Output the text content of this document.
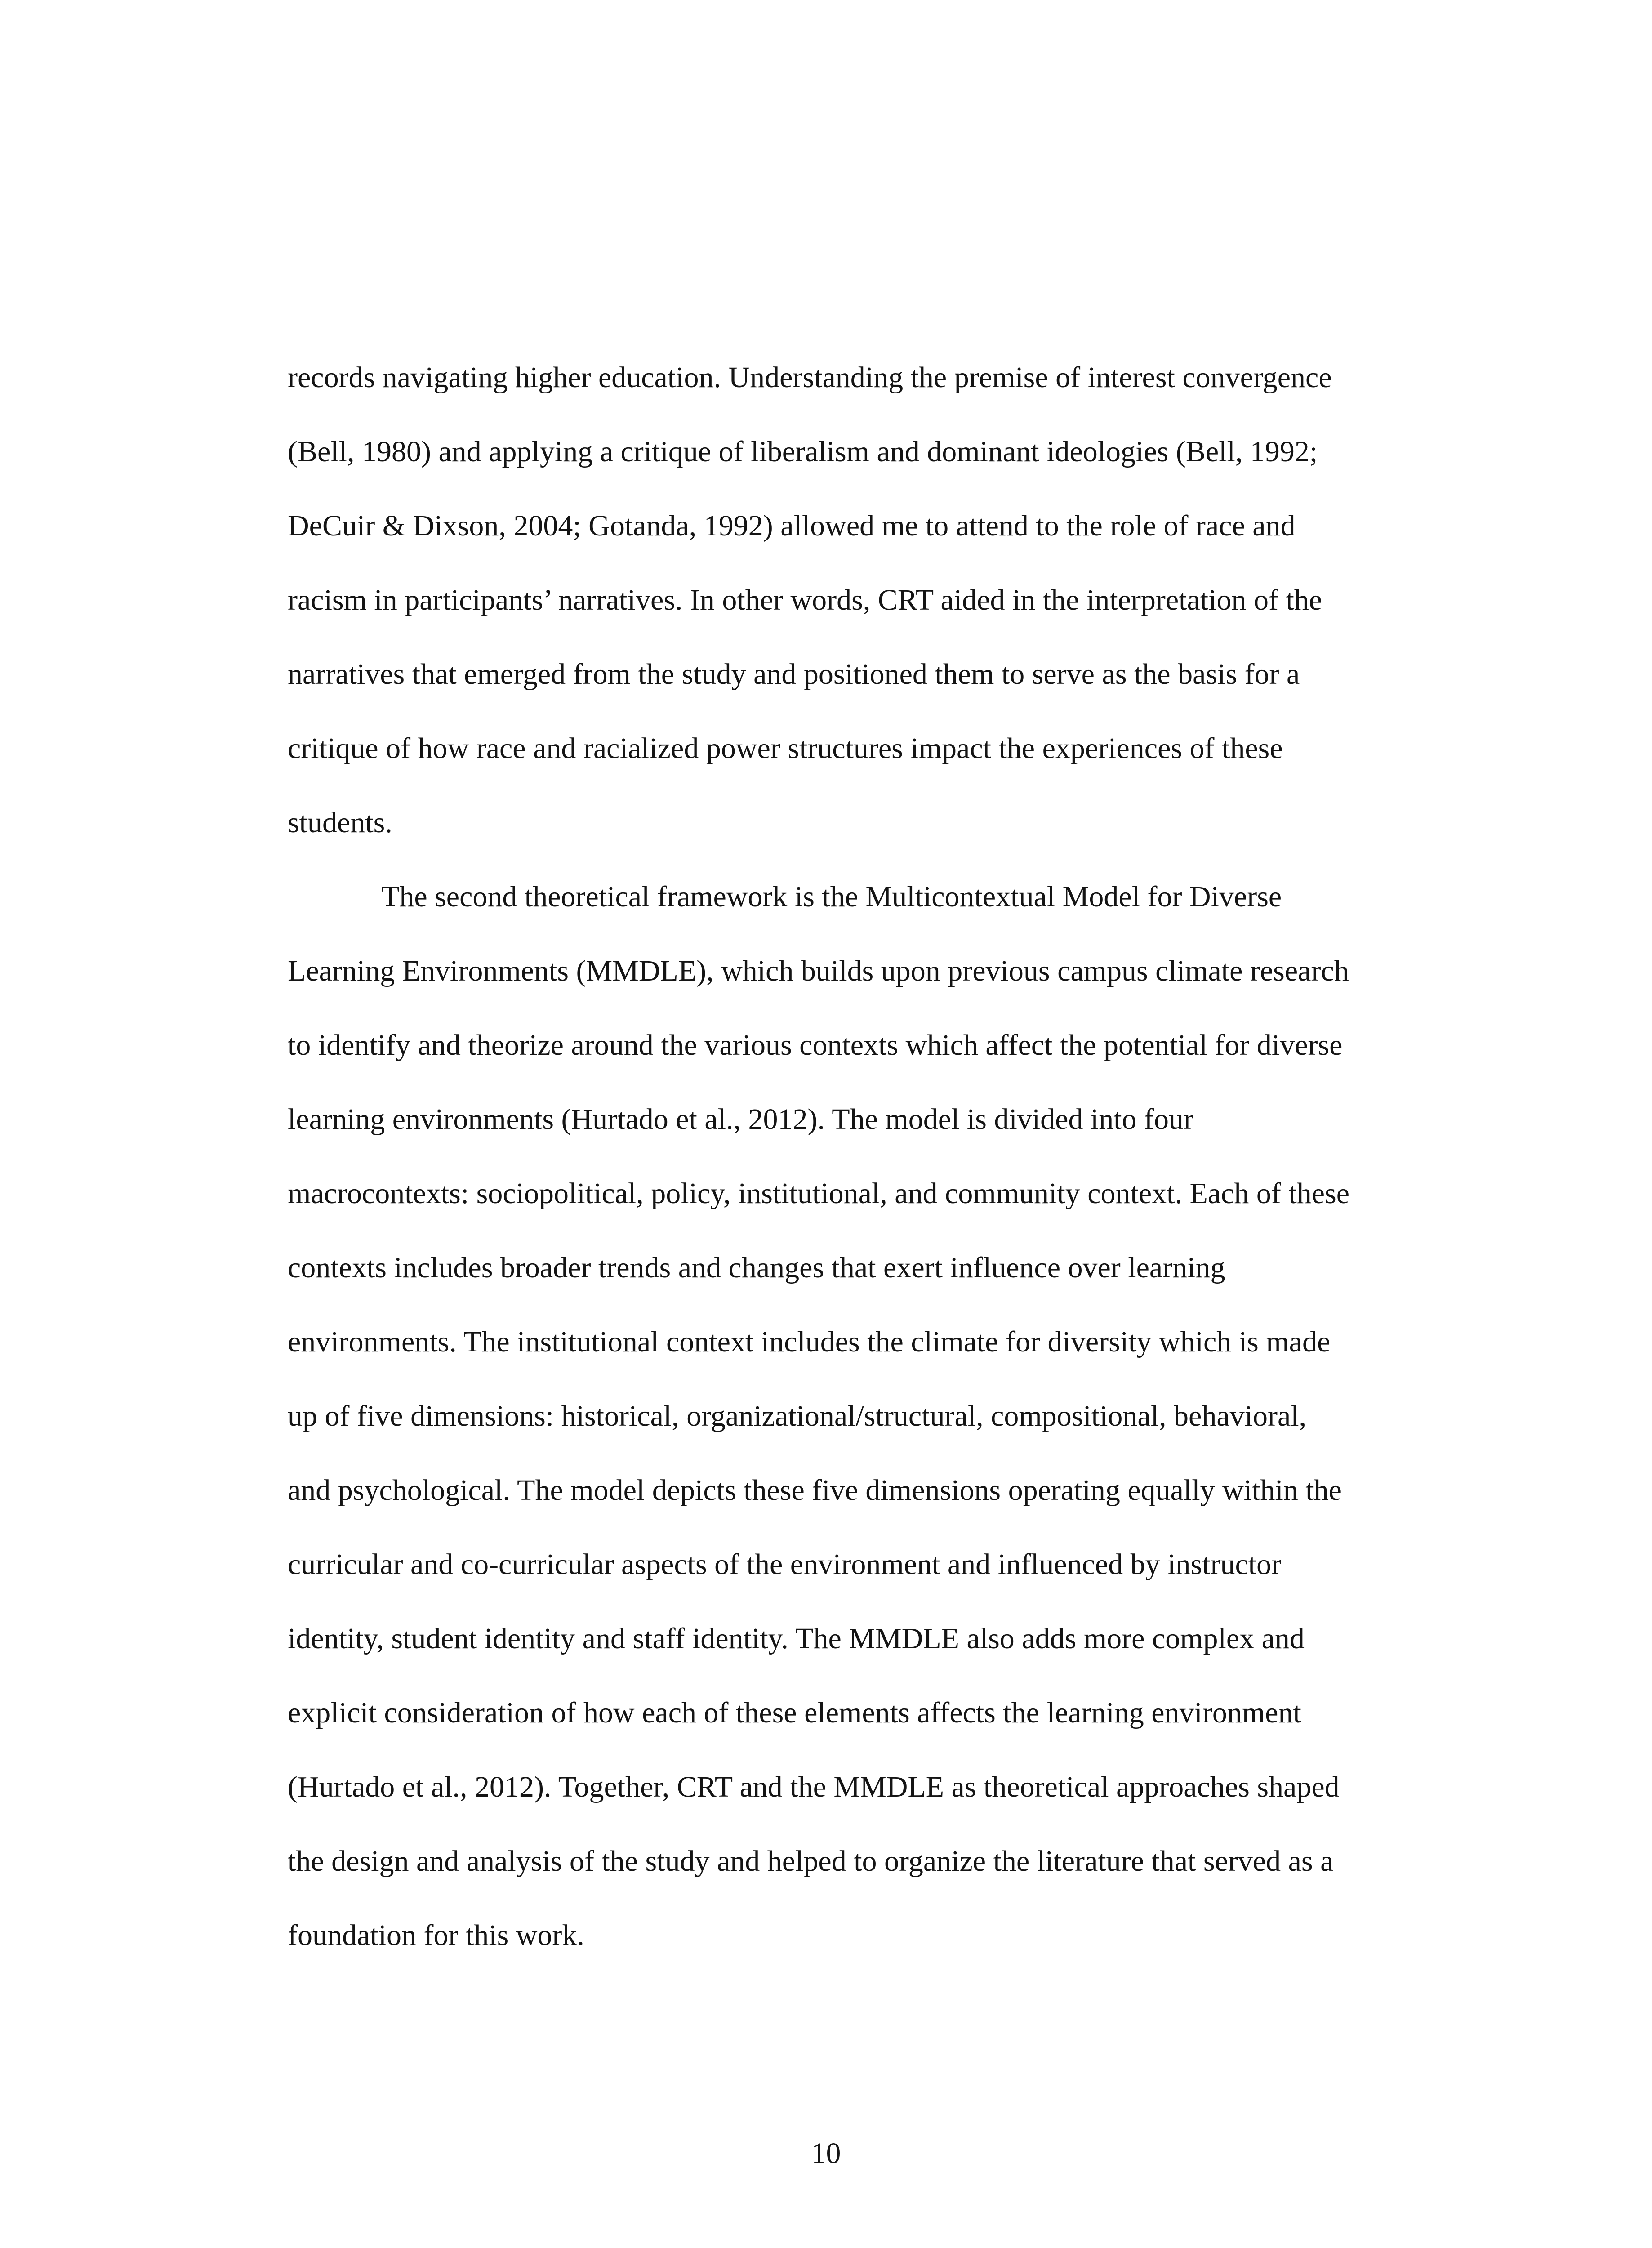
records navigating higher education. Understanding the premise of interest convergence
(Bell, 1980) and applying a critique of liberalism and dominant ideologies (Bell, 1992;
DeCuir & Dixson, 2004; Gotanda, 1992) allowed me to attend to the role of race and
racism in participants’ narratives. In other words, CRT aided in the interpretation of the
narratives that emerged from the study and positioned them to serve as the basis for a
critique of how race and racialized power structures impact the experiences of these
students.
The second theoretical framework is the Multicontextual Model for Diverse
Learning Environments (MMDLE), which builds upon previous campus climate research
to identify and theorize around the various contexts which affect the potential for diverse
learning environments (Hurtado et al., 2012). The model is divided into four
macrocontexts: sociopolitical, policy, institutional, and community context. Each of these
contexts includes broader trends and changes that exert influence over learning
environments. The institutional context includes the climate for diversity which is made
up of five dimensions: historical, organizational/structural, compositional, behavioral,
and psychological. The model depicts these five dimensions operating equally within the
curricular and co-curricular aspects of the environment and influenced by instructor
identity, student identity and staff identity. The MMDLE also adds more complex and
explicit consideration of how each of these elements affects the learning environment
(Hurtado et al., 2012). Together, CRT and the MMDLE as theoretical approaches shaped
the design and analysis of the study and helped to organize the literature that served as a
foundation for this work.
10
